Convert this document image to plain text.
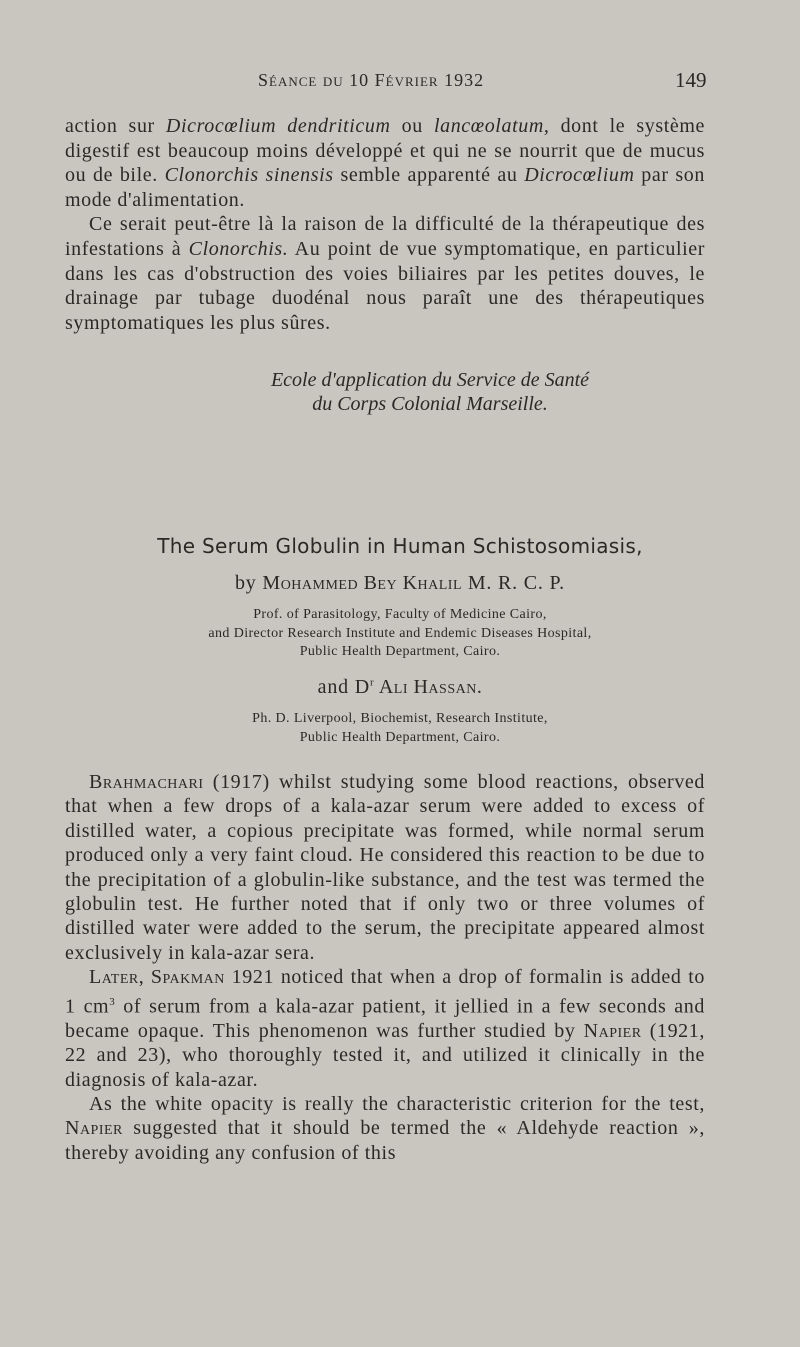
Séance du 10 Février 1932	149

action sur Dicrocœlium dendriticum ou lancœolatum, dont le système digestif est beaucoup moins développé et qui ne se nourrit que de mucus ou de bile. Clonorchis sinensis semble apparenté au Dicrocœlium par son mode d'alimentation.

Ce serait peut-être là la raison de la difficulté de la thérapeutique des infestations à Clonorchis. Au point de vue symptomatique, en particulier dans les cas d'obstruction des voies biliaires par les petites douves, le drainage par tubage duodénal nous paraît une des thérapeutiques symptomatiques les plus sûres.

Ecole d'application du Service de Santé
du Corps Colonial Marseille.
The Serum Globulin in Human Schistosomiasis,
by Mohammed Bey Khalil M. R. C. P.
Prof. of Parasitology, Faculty of Medicine Cairo,
and Director Research Institute and Endemic Diseases Hospital,
Public Health Department, Cairo.
and $D^r$ Ali Hassan.
Ph. D. Liverpool, Biochemist, Research Institute,
Public Health Department, Cairo.

Brahmachari (1917) whilst studying some blood reactions, observed that when a few drops of a kala-azar serum were added to excess of distilled water, a copious precipitate was formed, while normal serum produced only a very faint cloud. He considered this reaction to be due to the precipitation of a globulin-like substance, and the test was termed the globulin test. He further noted that if only two or three volumes of distilled water were added to the serum, the precipitate appeared almost exclusively in kala-azar sera.

Later, Spakman 1921 noticed that when a drop of formalin is added to 1 $cm^3$ of serum from a kala-azar patient, it jellied in a few seconds and became opaque. This phenomenon was further studied by Napier (1921, 22 and 23), who thoroughly tested it, and utilized it clinically in the diagnosis of kala-azar.

As the white opacity is really the characteristic criterion for the test, Napier suggested that it should be termed the « Aldehyde reaction », thereby avoiding any confusion of this
